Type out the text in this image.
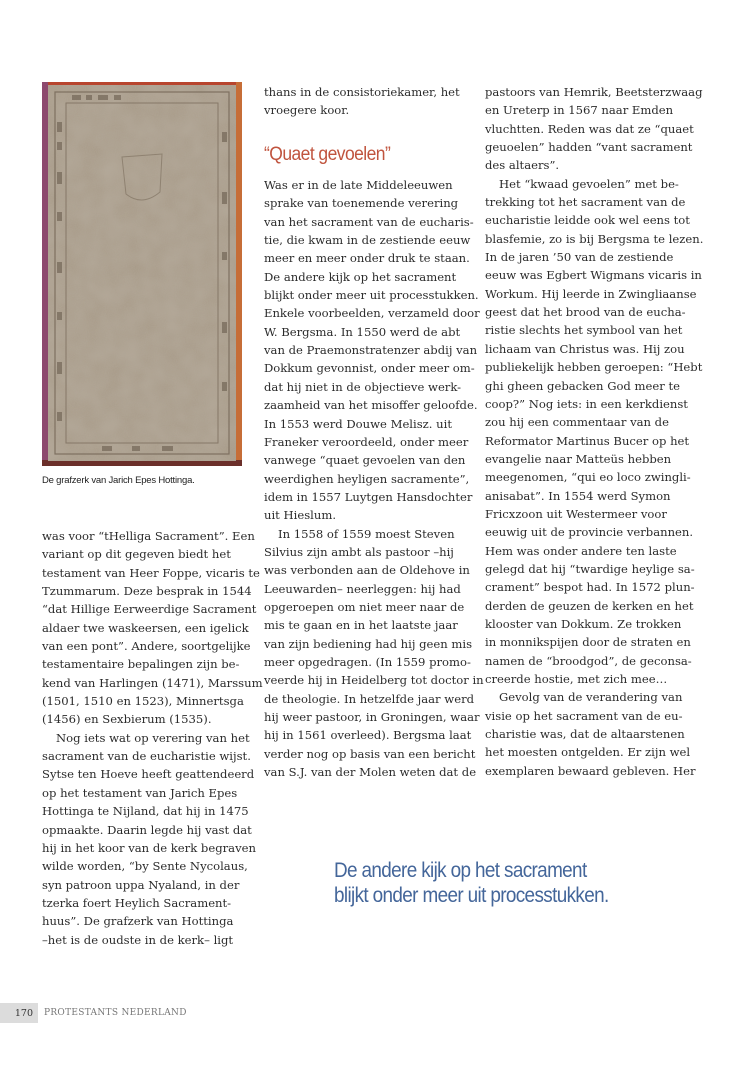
De grafzerk van Jarich Epes Hottinga.

was voor “tHelliga Sacrament”. Een

variant op dit gegeven biedt het

testament van Heer Foppe, vicaris te

Tzummarum. Deze besprak in 1544

“dat Hillige Eerweerdige Sacrament

aldaer twe waskeersen, een igelick

van een pont”. Andere, soortgelijke

testamentaire bepalingen zijn be-

kend van Harlingen (1471), Marssum

(1501, 1510 en 1523), Minnertsga

(1456) en Sexbierum (1535).

Nog iets wat op verering van het

sacrament van de eucharistie wijst.

Sytse ten Hoeve heeft geattendeerd

op het testament van Jarich Epes

Hottinga te Nijland, dat hij in 1475

opmaakte. Daarin legde hij vast dat

hij in het koor van de kerk begraven

wilde worden, “by Sente Nycolaus,

syn patroon uppa Nyaland, in der

tzerka foert Heylich Sacrament-

huus”. De grafzerk van Hottinga

–het is de oudste in de kerk– ligt

thans in de consistoriekamer, het

vroegere koor.

“Quaet gevoelen”

Was er in de late Middeleeuwen

sprake van toenemende verering

van het sacrament van de eucharis-

tie, die kwam in de zestiende eeuw

meer en meer onder druk te staan.

De andere kijk op het sacrament

blijkt onder meer uit processtukken.

Enkele voorbeelden, verzameld door

W. Bergsma. In 1550 werd de abt

van de Praemonstratenzer abdij van

Dokkum gevonnist, onder meer om-

dat hij niet in de objectieve werk-

zaamheid van het misoffer geloofde.

In 1553 werd Douwe Melisz. uit

Franeker veroordeeld, onder meer

vanwege “quaet gevoelen van den

weerdighen heyligen sacramente”,

idem in 1557 Luytgen Hansdochter

uit Hieslum.

In 1558 of 1559 moest Steven

Silvius zijn ambt als pastoor –hij

was verbonden aan de Oldehove in

Leeuwarden– neerleggen: hij had

opgeroepen om niet meer naar de

mis te gaan en in het laatste jaar

van zijn bediening had hij geen mis

meer opgedragen. (In 1559 promo-

veerde hij in Heidelberg tot doctor in

de theologie. In hetzelfde jaar werd

hij weer pastoor, in Groningen, waar

hij in 1561 overleed). Bergsma laat

verder nog op basis van een bericht

van S.J. van der Molen weten dat de

pastoors van Hemrik, Beetsterzwaag

en Ureterp in 1567 naar Emden

vluchtten. Reden was dat ze “quaet

geuoelen” hadden “vant sacrament

des altaers”.

Het “kwaad gevoelen” met be-

trekking tot het sacrament van de

eucharistie leidde ook wel eens tot

blasfemie, zo is bij Bergsma te lezen.

In de jaren ’50 van de zestiende

eeuw was Egbert Wigmans vicaris in

Workum. Hij leerde in Zwingliaanse

geest dat het brood van de eucha-

ristie slechts het symbool van het

lichaam van Christus was. Hij zou

publiekelijk hebben geroepen: “Hebt

ghi gheen gebacken God meer te

coop?” Nog iets: in een kerkdienst

zou hij een commentaar van de

Reformator Martinus Bucer op het

evangelie naar Matteüs hebben

meegenomen, “qui eo loco zwingli-

anisabat”. In 1554 werd Symon

Fricxzoon uit Westermeer voor

eeuwig uit de provincie verbannen.

Hem was onder andere ten laste

gelegd dat hij “twardige heylige sa-

crament” bespot had. In 1572 plun-

derden de geuzen de kerken en het

klooster van Dokkum. Ze trokken

in monnikspijen door de straten en

namen de “broodgod”, de geconsa-

creerde hostie, met zich mee…

Gevolg van de verandering van

visie op het sacrament van de eu-

charistie was, dat de altaarstenen

het moesten ontgelden. Er zijn wel

exemplaren bewaard gebleven. Her

De andere kijk op het sacrament
blijkt onder meer uit processtukken.
170	PROTESTANTS NEDERLAND
